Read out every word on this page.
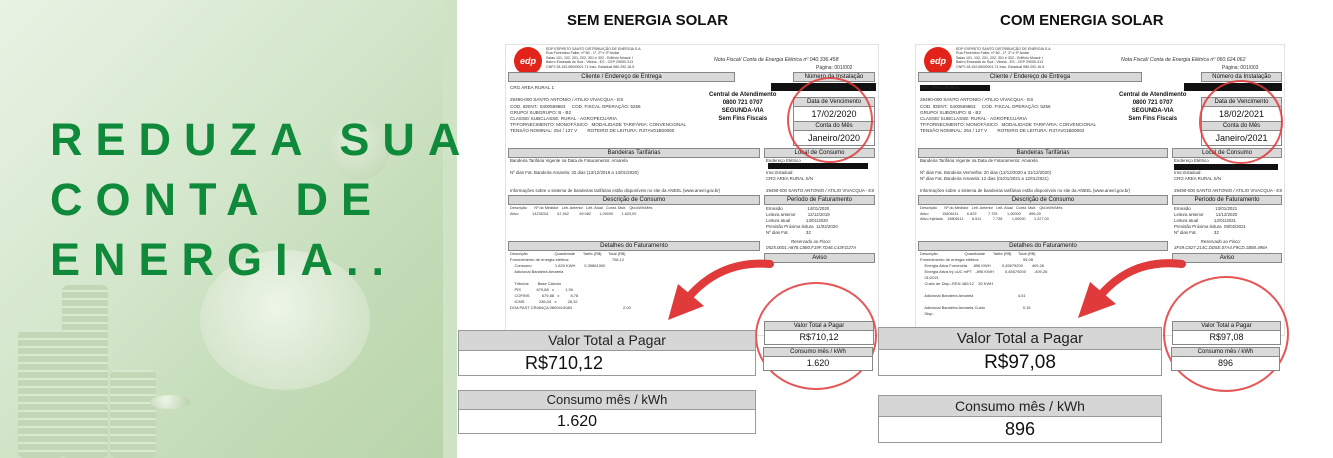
REDUZA SUA
CONTA DE
ENERGIA..
SEM ENERGIA SOLAR
edp
EDP ESPIRITO SANTO DISTRIBUIÇÃO DE ENERGIA S.A
Rua Florentino Faller, nº 80 - 1º, 2º e 3º Andar
Salas 101, 102, 201, 202, 301 e 302 - Edifício Moacir I
Bairro Enseada do Suá - Vitória - ES - CEP 29050-313
CNPJ 28.152.650/0001-71 Insc. Estadual 080.292.16-5
Nota Fiscal/ Conta de Energia Elétrica nº 040.336.458
Página: 001/002
Cliente / Endereço de Entrega	Número da Instalação
CRG AREA RURAL 1

29490-000 SANTO ANTONIO / ATILIO VIVACQUA - ES
COD. IDENT.: 0400569683     COD. FISCAL OPERAÇÃO: 5256
GRUPO/ SUBGRUPO: B - B2
CLASSE/ SUBCLASSE: RURAL - AGROPECUÁRIA
TP.FORNECIMENTO: MONOFÁSICO   MODALIDADE TARIFÁRIA: CONVENCIONAL
TENSÃO NOMINAL: 254 / 127 V        ROTEIRO DE LEITURA: R37AV01B00060
Central de Atendimento
0800 721 0707
SEGUNDA-VIA
Sem Fins Fiscais
Data de Vencimento
17/02/2020
Conta do Mês
Janeiro/2020
Bandeiras Tarifárias	Local de Consumo
Bandeira Tarifária Vigente na Data de Faturamento: Amarela

Nº dias Fat. Bandeira Amarela: 32 dias (13/12/2019 a 13/01/2020)

Informações sobre o sistema de bandeiras tarifárias estão disponíveis no site da ANEEL (www.aneel.gov.br)
Endereço Elétrico

Insc.Estadual:
CRG AREA RURAL S/N

29490-000 SANTO ANTONIO / ATILIO VIVACQUA - ES
Descrição de Consumo	Período de Faturamento
Descrição       Nº do Medidor   Leit. Anterior   Leit. Atual   Const. Mult.   Qtd.kWh/Mês
Ativo             14235311        67.462          69.082        1,00000        1.620,00
Emissão                    14/01/2020
Leitura anterior          12/12/2019
Leitura atual             13/01/2020
Previsão Próxima leitura  11/02/2020
Nº dias Fat.              32
Reservado ao Fisco:
0525.0001.A878.C880.F19F.7D46.C43F.D27A
Detalhes do Faturamento
Aviso
Descrição                        Quantidade       Tarifa (R$)      Total (R$)
Fornecimento de energia elétrica                                       708,12
Consumo                     1.620 KWH        0,39861000
Adicional Bandeira Amarela

Tributos        Base Cálculo
PIS              679,88   x          1,90
COFINS           679,88   x          8,78
ICMS             236,04   x          28,32
DOA PAST CRIANÇA 0800410084                                              2,00
Valor Total a Pagar
R$710,12
Consumo mês / kWh
1.620
Valor Total a Pagar
R$710,12
Consumo mês / kWh
1.620
COM ENERGIA SOLAR
edp
EDP ESPIRITO SANTO DISTRIBUIÇÃO DE ENERGIA S.A
Rua Florentino Faller, nº 80 - 1º, 2º e 3º Andar
Salas 101, 102, 201, 202, 301 e 302 - Edifício Moacir I
Bairro Enseada do Suá - Vitória - ES - CEP 29050-313
CNPJ 28.152.650/0001-71 Insc. Estadual 080.292.16-5
Nota Fiscal/ Conta de Energia Elétrica nº 060.624.062
Página: 001/003
Cliente / Endereço de Entrega	Número da Instalação
CRG AREA RURAL

29490-000 SANTO ANTONIO / ATILIO VIVACQUA - ES
COD. IDENT.: 0400569683     COD. FISCAL OPERAÇÃO: 5256
GRUPO/ SUBGRUPO: B - B2
CLASSE/ SUBCLASSE: RURAL - AGROPECUÁRIA
TP.FORNECIMENTO: MONOFÁSICO   MODALIDADE TARIFÁRIA: CONVENCIONAL
TENSÃO NOMINAL: 254 / 127 V        ROTEIRO DE LEITURA: R37AV01B00062
Central de Atendimento
0800 721 0707
SEGUNDA-VIA
Sem Fins Fiscais
Data de Vencimento
18/02/2021
Conta do Mês
Janeiro/2021
Bandeiras Tarifárias	Local de Consumo
Bandeira Tarifária Vigente na Data de Faturamento: Amarela

Nº dias Fat. Bandeira Vermelha: 20 dias (12/12/2020 a 31/12/2020)
Nº dias Fat. Bandeira Amarela: 12 dias (01/01/2021 a 12/01/2021)

Informações sobre o sistema de bandeiras tarifárias estão disponíveis no site da ANEEL (www.aneel.gov.br)
Endereço Elétrico

Insc.Estadual:
CRG AREA RURAL S/N

29490-000 SANTO ANTONIO / ATILIO VIVACQUA - ES
Descrição de Consumo	Período de Faturamento
Descrição       Nº do Medidor   Leit. Anterior   Leit. Atual   Const. Mult.   Qtd.kWh/Mês
Ativo             15806111        6.829           7.725         1,00000        896,00
Ativo Injetado    15806111        6.511           7.738         1,00000        1.227,00
Emissão                    13/01/2021
Leitura anterior          11/12/2020
Leitura atual             12/01/2021
Previsão Próxima leitura  09/02/2021
Nº dias Fat.              32
Reservado ao Fisco:
3F49.C827.214C.DD5E.07A4.F9CD.1B80.498A
Detalhes do Faturamento
Aviso
Descrição                        Quantidade       Tarifa (R$)      Total (R$)
Fornecimento de energia elétrica                                        95,08
Energia Ativa Fornecida      896 KWH          0,45679200        409,26
Energia Ativa Inj oUC mPT   -896 KWH          0,45679200       -409,26
01/2021
Custo de Disp.-REN 482/12    30 KWH

Adicional Bandeira Amarela                                        4,51

Adicional Bandeira Amarela Custo                                  0,15
Disp.
Valor Total a Pagar
R$97,08
Consumo mês / kWh
896
Valor Total a Pagar
R$97,08
Consumo mês / kWh
896
